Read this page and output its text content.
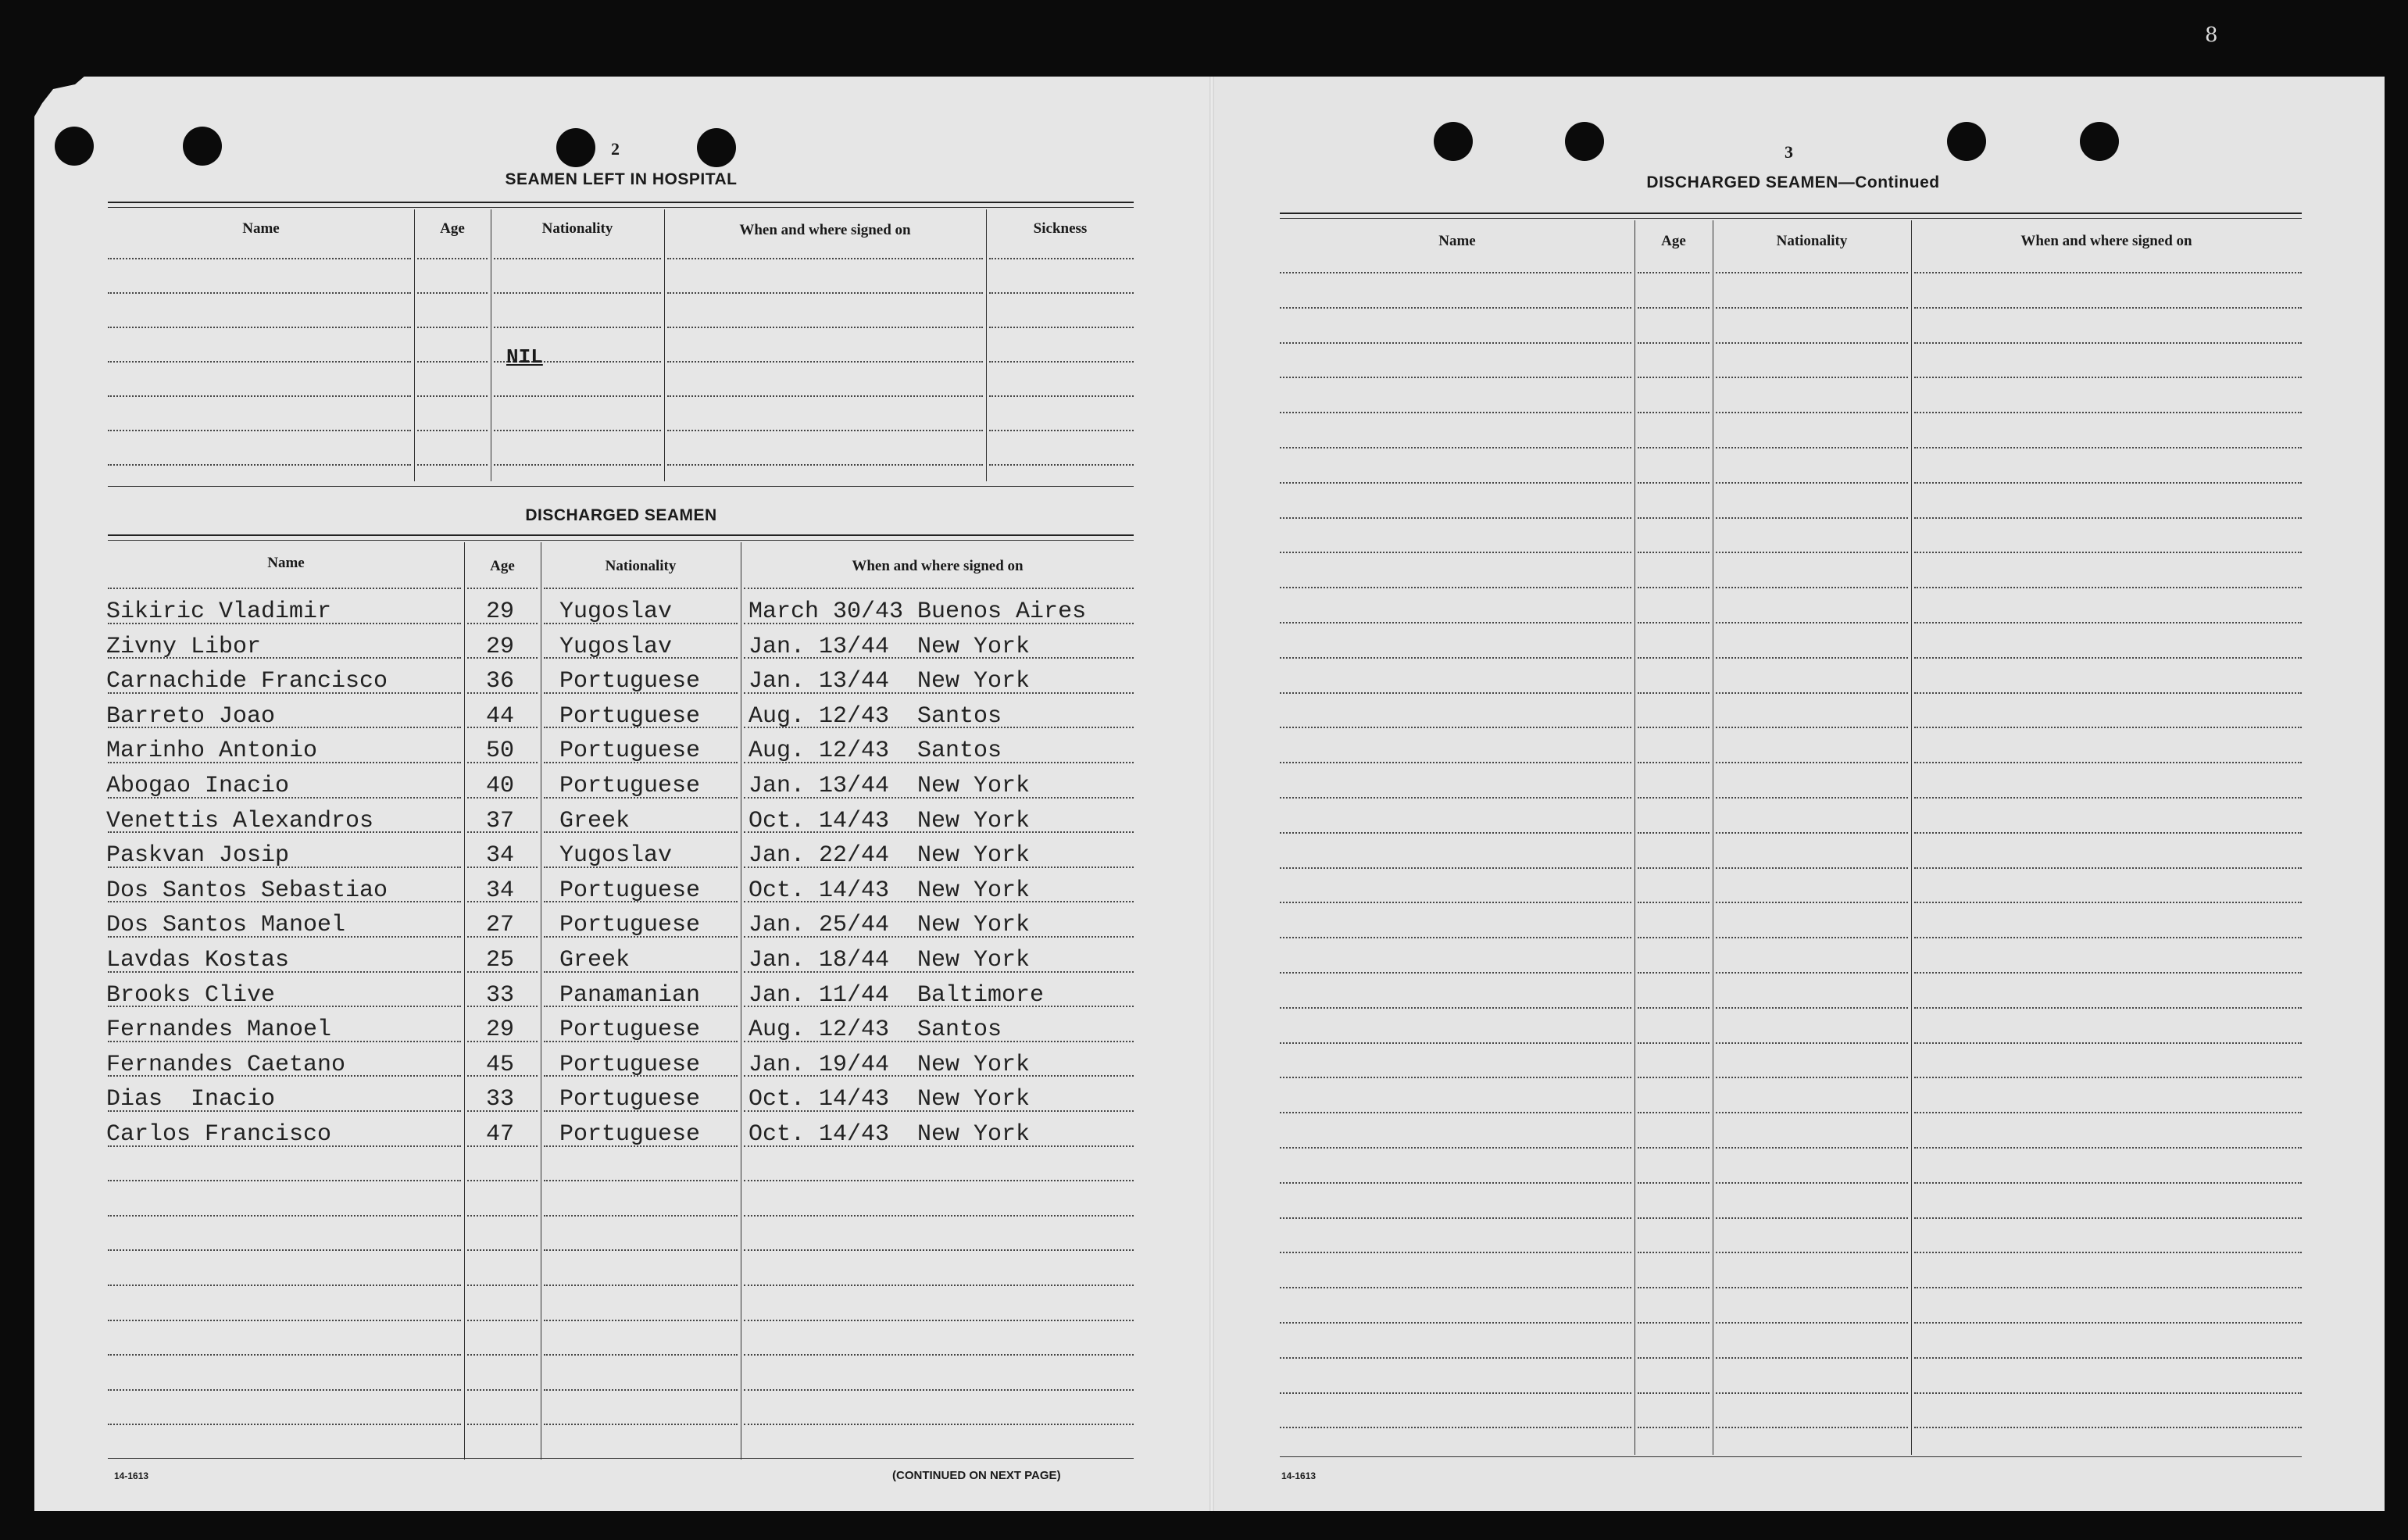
8
2
SEAMEN LEFT IN HOSPITAL
Name	Age	Nationality	When and where signed on	Sickness
NIL
DISCHARGED SEAMEN
Name	Age	Nationality	When and where signed on
Sikiric Vladimir	29 Yugoslav	March 30/43 Buenos Aires
Zivny Libor	29 Yugoslav	Jan. 13/44  New York
Carnachide Francisco	36 Portuguese Jan. 13/44  New York
Barreto Joao	44 Portuguese Aug. 12/43  Santos
Marinho Antonio	50 Portuguese Aug. 12/43  Santos
Abogao Inacio	40 Portuguese Jan. 13/44  New York
Venettis Alexandros	37 Greek	Oct. 14/43  New York
Paskvan Josip	34 Yugoslav	Jan. 22/44  New York
Dos Santos Sebastiao	34 Portuguese Oct. 14/43  New York
Dos Santos Manoel	27 Portuguese Jan. 25/44  New York
Lavdas Kostas	25 Greek	Jan. 18/44  New York
Brooks Clive	33 Panamanian Jan. 11/44  Baltimore
Fernandes Manoel	29 Portuguese Aug. 12/43  Santos
Fernandes Caetano	45 Portuguese Jan. 19/44  New York
Dias  Inacio	33 Portuguese Oct. 14/43  New York
Carlos Francisco	47 Portuguese Oct. 14/43  New York
14-1613	(CONTINUED ON NEXT PAGE)
3
DISCHARGED SEAMEN—Continued
Name	Age	Nationality	When and where signed on
14-1613
